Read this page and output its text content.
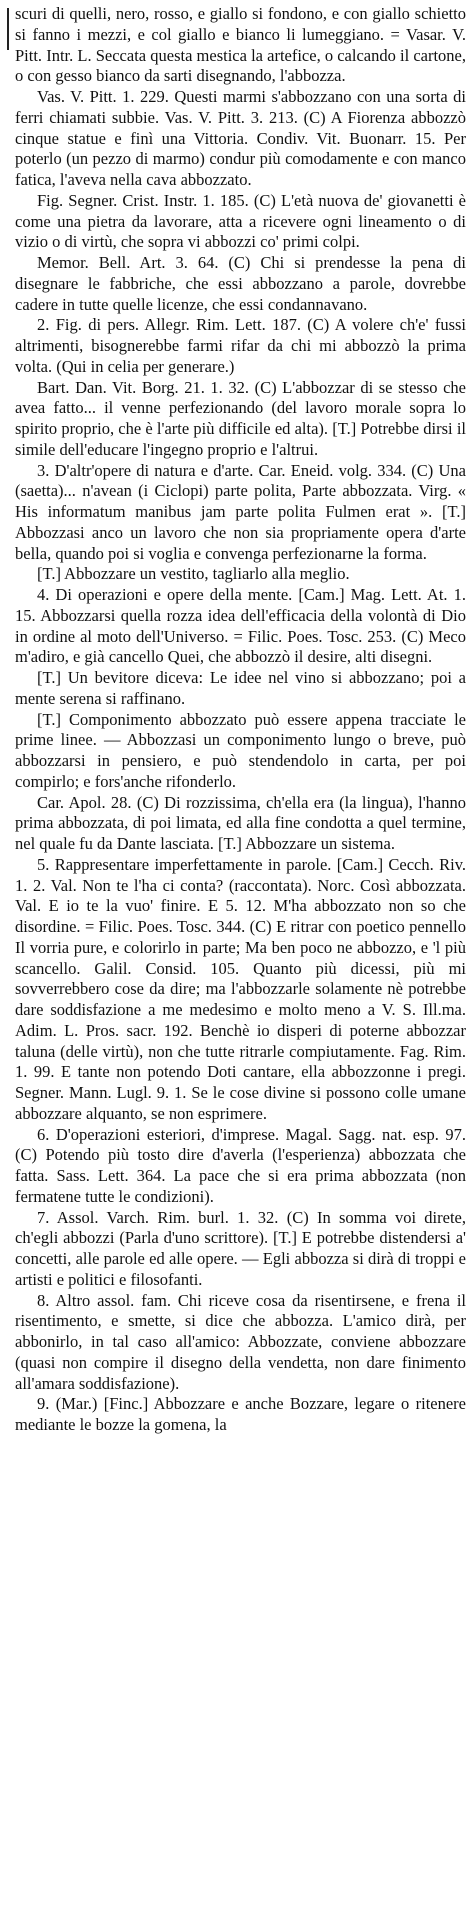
scuri di quelli, nero, rosso, e giallo si fondono, e con giallo schietto si fanno i mezzi, e col giallo e bianco li lumeggiano. = Vasar. V. Pitt. Intr. L. Seccata questa mestica la artefice, o calcando il cartone, o con gesso bianco da sarti disegnando, l'abbozza.

Vas. V. Pitt. 1. 229. Questi marmi s'abbozzano con una sorta di ferri chiamati subbie. Vas. V. Pitt. 3. 213. (C) A Fiorenza abbozzò cinque statue e finì una Vittoria. Condiv. Vit. Buonarr. 15. Per poterlo (un pezzo di marmo) condur più comodamente e con manco fatica, l'aveva nella cava abbozzato.

Fig. Segner. Crist. Instr. 1. 185. (C) L'età nuova de' giovanetti è come una pietra da lavorare, atta a ricevere ogni lineamento o di vizio o di virtù, che sopra vi abbozzi co' primi colpi.

Memor. Bell. Art. 3. 64. (C) Chi si prendesse la pena di disegnare le fabbriche, che essi abbozzano a parole, dovrebbe cadere in tutte quelle licenze, che essi condannavano.

2. Fig. di pers. Allegr. Rim. Lett. 187. (C) A volere ch'e' fussi altrimenti, bisognerebbe farmi rifar da chi mi abbozzò la prima volta. (Qui in celia per generare.)

Bart. Dan. Vit. Borg. 21. 1. 32. (C) L'abbozzar di se stesso che avea fatto... il venne perfezionando (del lavoro morale sopra lo spirito proprio, che è l'arte più difficile ed alta). [T.] Potrebbe dirsi il simile dell'educare l'ingegno proprio e l'altrui.

3. D'altr'opere di natura e d'arte. Car. Eneid. volg. 334. (C) Una (saetta)... n'avean (i Ciclopi) parte polita, Parte abbozzata. Virg. « His informatum manibus jam parte polita Fulmen erat ». [T.] Abbozzasi anco un lavoro che non sia propriamente opera d'arte bella, quando poi si voglia e convenga perfezionarne la forma.

[T.] Abbozzare un vestito, tagliarlo alla meglio.

4. Di operazioni e opere della mente. [Cam.] Mag. Lett. At. 1. 15. Abbozzarsi quella rozza idea dell'efficacia della volontà di Dio in ordine al moto dell'Universo. = Filic. Poes. Tosc. 253. (C) Meco m'adiro, e già cancello Quei, che abbozzò il desire, alti disegni.

[T.] Un bevitore diceva: Le idee nel vino si abbozzano; poi a mente serena si raffinano.

[T.] Componimento abbozzato può essere appena tracciate le prime linee. — Abbozzasi un componimento lungo o breve, può abbozzarsi in pensiero, e può stendendolo in carta, per poi compirlo; e fors'anche rifonderlo.

Car. Apol. 28. (C) Di rozzissima, ch'ella era (la lingua), l'hanno prima abbozzata, di poi limata, ed alla fine condotta a quel termine, nel quale fu da Dante lasciata. [T.] Abbozzare un sistema.

5. Rappresentare imperfettamente in parole. [Cam.] Cecch. Riv. 1. 2. Val. Non te l'ha ci conta? (raccontata). Norc. Così abbozzata. Val. E io te la vuo' finire. E 5. 12. M'ha abbozzato non so che disordine. = Filic. Poes. Tosc. 344. (C) E ritrar con poetico pennello Il vorria pure, e colorirlo in parte; Ma ben poco ne abbozzo, e 'l più scancello. Galil. Consid. 105. Quanto più dicessi, più mi sovverrebbero cose da dire; ma l'abbozzarle solamente nè potrebbe dare soddisfazione a me medesimo e molto meno a V. S. Ill.ma. Adim. L. Pros. sacr. 192. Benchè io disperi di poterne abbozzar taluna (delle virtù), non che tutte ritrarle compiutamente. Fag. Rim. 1. 99. E tante non potendo Doti cantare, ella abbozzonne i pregi. Segner. Mann. Lugl. 9. 1. Se le cose divine si possono colle umane abbozzare alquanto, se non esprimere.

6. D'operazioni esteriori, d'imprese. Magal. Sagg. nat. esp. 97. (C) Potendo più tosto dire d'averla (l'esperienza) abbozzata che fatta. Sass. Lett. 364. La pace che si era prima abbozzata (non fermatene tutte le condizioni).

7. Assol. Varch. Rim. burl. 1. 32. (C) In somma voi direte, ch'egli abbozzi (Parla d'uno scrittore). [T.] E potrebbe distendersi a' concetti, alle parole ed alle opere. — Egli abbozza si dirà di troppi e artisti e politici e filosofanti.

8. Altro assol. fam. Chi riceve cosa da risentirsene, e frena il risentimento, e smette, si dice che abbozza. L'amico dirà, per abbonirlo, in tal caso all'amico: Abbozzate, conviene abbozzare (quasi non compire il disegno della vendetta, non dare finimento all'amara soddisfazione).

9. (Mar.) [Finc.] Abbozzare e anche Bozzare, legare o ritenere mediante le bozze la gomena, la
